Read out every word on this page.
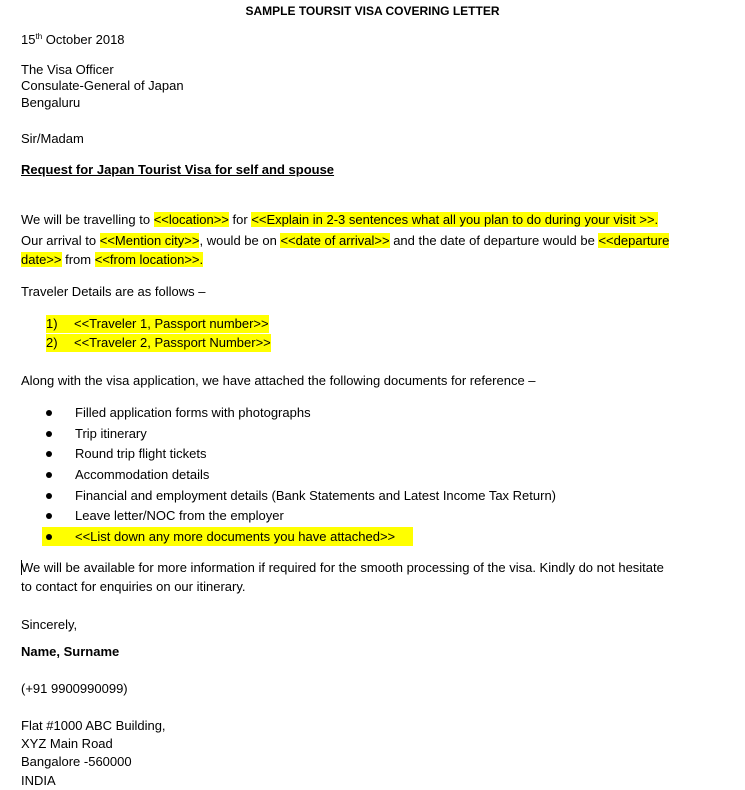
SAMPLE TOURSIT VISA COVERING LETTER
15th October 2018
The Visa Officer
Consulate-General of Japan
Bengaluru
Sir/Madam
Request for Japan Tourist Visa for self and spouse
We will be travelling to <<location>> for <<Explain in 2-3 sentences what all you plan to do during your visit >>.
Our arrival to <<Mention city>>, would be on <<date of arrival>> and the date of departure would be <<departure
date>> from <<from location>>.
Traveler Details are as follows –
1) <<Traveler 1, Passport number>>
2) <<Traveler 2, Passport Number>>
Along with the visa application, we have attached the following documents for reference –
Filled application forms with photographs
Trip itinerary
Round trip flight tickets
Accommodation details
Financial and employment details (Bank Statements and Latest Income Tax Return)
Leave letter/NOC from the employer
<<List down any more documents you have attached>>
We will be available for more information if required for the smooth processing of the visa. Kindly do not hesitate
to contact for enquiries on our itinerary.
Sincerely,
Name, Surname
(+91 9900990099)
Flat #1000 ABC Building,
XYZ Main Road
Bangalore -560000
INDIA
